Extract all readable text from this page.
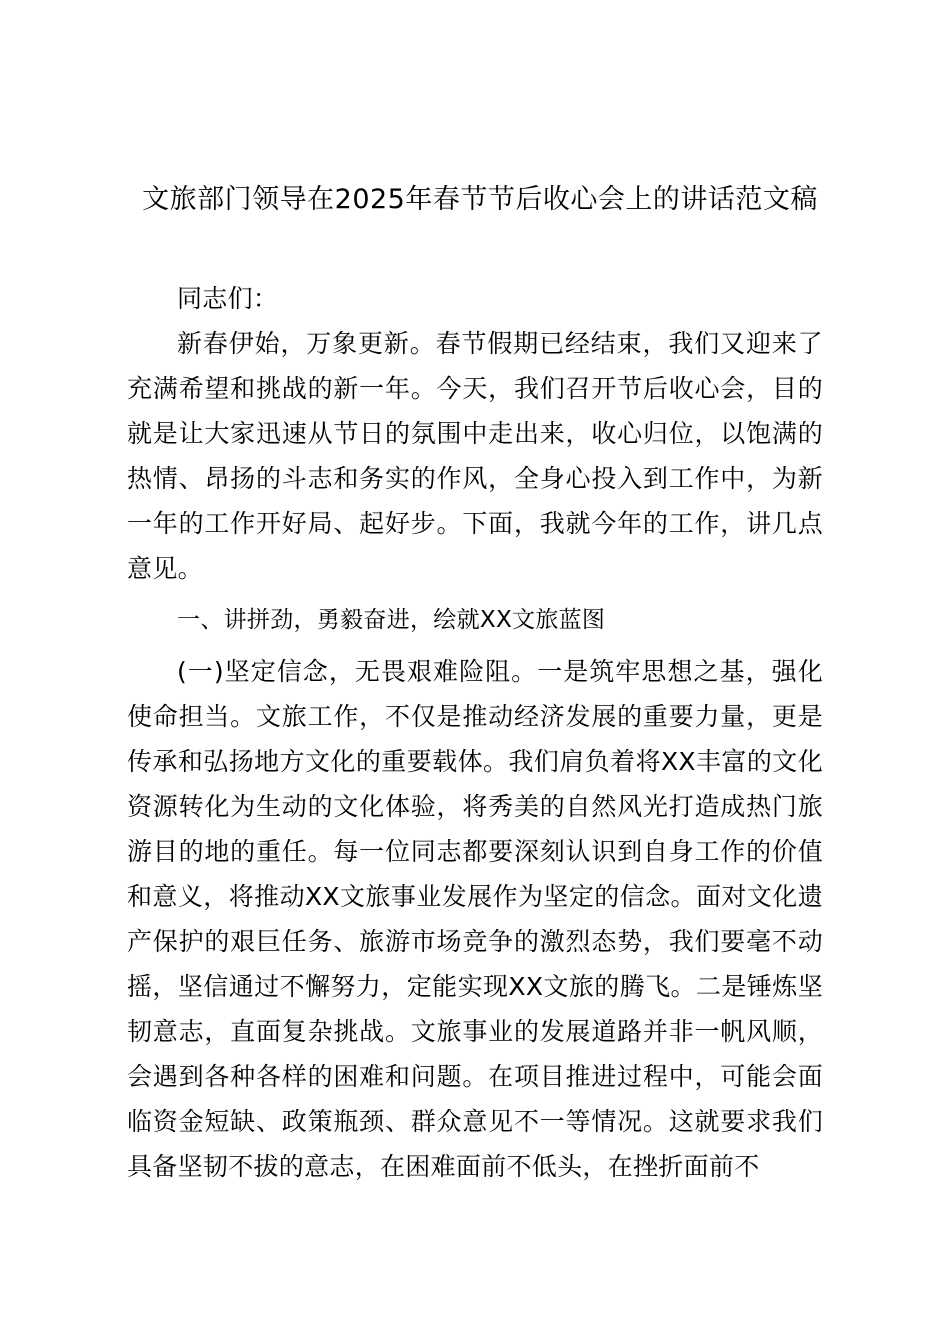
文旅部门领导在2025年春节节后收心会上的讲话范文稿

同志们：

新春伊始，万象更新。春节假期已经结束，我们又迎来了充满希望和挑战的新一年。今天，我们召开节后收心会，目的就是让大家迅速从节日的氛围中走出来，收心归位，以饱满的热情、昂扬的斗志和务实的作风，全身心投入到工作中，为新一年的工作开好局、起好步。下面，我就今年的工作，讲几点意见。

一、讲拼劲，勇毅奋进，绘就XX文旅蓝图

(一)坚定信念，无畏艰难险阻。一是筑牢思想之基，强化使命担当。文旅工作，不仅是推动经济发展的重要力量，更是传承和弘扬地方文化的重要载体。我们肩负着将XX丰富的文化资源转化为生动的文化体验，将秀美的自然风光打造成热门旅游目的地的重任。每一位同志都要深刻认识到自身工作的价值和意义，将推动XX文旅事业发展作为坚定的信念。面对文化遗产保护的艰巨任务、旅游市场竞争的激烈态势，我们要毫不动摇，坚信通过不懈努力，定能实现XX文旅的腾飞。二是锤炼坚韧意志，直面复杂挑战。文旅事业的发展道路并非一帆风顺，会遇到各种各样的困难和问题。在项目推进过程中，可能会面临资金短缺、政策瓶颈、群众意见不一等情况。这就要求我们具备坚韧不拔的意志，在困难面前不低头，在挫折面前不
